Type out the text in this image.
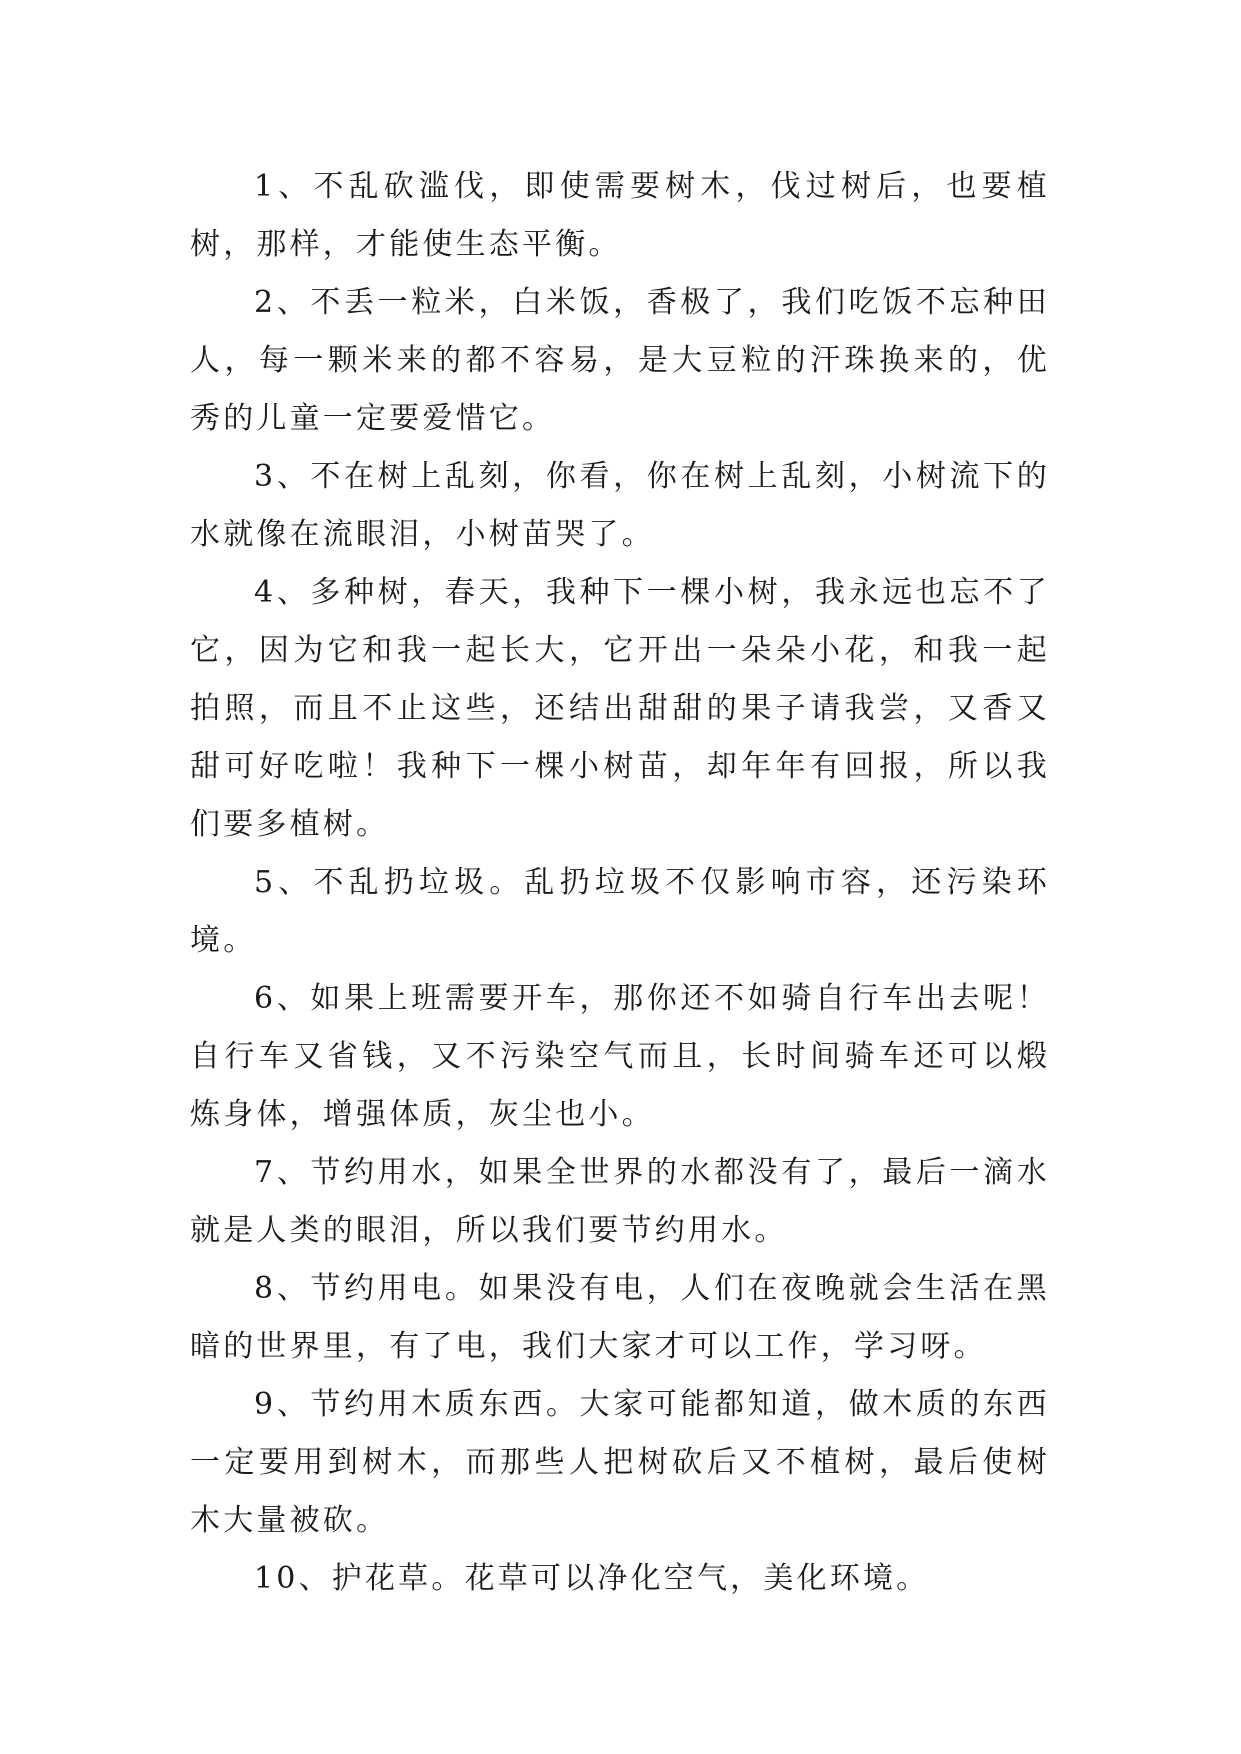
1、不乱砍滥伐，即使需要树木，伐过树后，也要植树，那样，才能使生态平衡。

2、不丢一粒米，白米饭，香极了，我们吃饭不忘种田人，每一颗米来的都不容易，是大豆粒的汗珠换来的，优秀的儿童一定要爱惜它。

3、不在树上乱刻，你看，你在树上乱刻，小树流下的水就像在流眼泪，小树苗哭了。

4、多种树，春天，我种下一棵小树，我永远也忘不了它，因为它和我一起长大，它开出一朵朵小花，和我一起拍照，而且不止这些，还结出甜甜的果子请我尝，又香又甜可好吃啦！我种下一棵小树苗，却年年有回报，所以我们要多植树。

5、不乱扔垃圾。乱扔垃圾不仅影响市容，还污染环境。

6、如果上班需要开车，那你还不如骑自行车出去呢！自行车又省钱，又不污染空气而且，长时间骑车还可以煅炼身体，增强体质，灰尘也小。

7、节约用水，如果全世界的水都没有了，最后一滴水就是人类的眼泪，所以我们要节约用水。

8、节约用电。如果没有电，人们在夜晚就会生活在黑暗的世界里，有了电，我们大家才可以工作，学习呀。

9、节约用木质东西。大家可能都知道，做木质的东西一定要用到树木，而那些人把树砍后又不植树，最后使树木大量被砍。

10、护花草。花草可以净化空气，美化环境。
